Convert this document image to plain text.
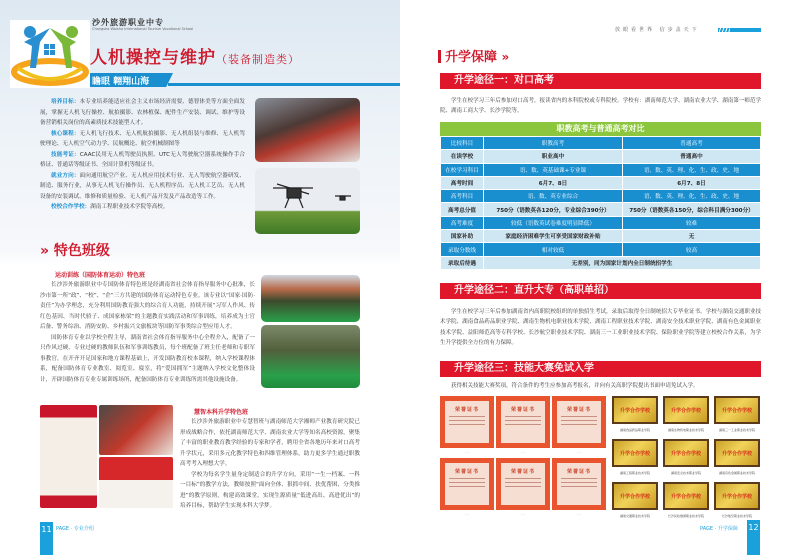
沙外旅游职业中专
Changsha Waisha International Tourism Vocational School
人机操控与维护（装备制造类）
瞻眼 翱翔山海

培养目标：本专业培养能适应社会主义市场经济需要、德智体美等方面全面发展，掌握无人机飞行操控、航拍摄影、农林植保、配件生产安装、调试、维护等设备营销相关岗位的高素质技术技能型人才。

核心课程：无人机飞行技术、无人机航拍摄影、无人机组装与维修、无人机驾驶理论、无人机空气动力学、民航概论、航空机械制图等

技能考证：CAAC民用无人机驾驶员执照、UTC无人驾驶航空器系统操作手合格证、普通话等级证书、全国计算机等级证书。

就业方向：面向通用航空产业、无人机应用技术行业、无人驾驶航空器研发、制造、服务行业，从事无人机飞行操作员、无人机程序员、无人机工艺员、无人机设备的安装调试、维修和质量检验、无人机产品开发及产品改造等工作。

校校合作学校：湖南工程职业技术学院等高校。

» 特色班级
运动训练（国防体育运动）特色班

长沙涉外旅游职业中专国防体育特色班是经湖南省社会体育指导服务中心批准，长沙市第一所“政”、“校”、“企”三方共建的国防体育运动特色专业。该专业以“国家·国防·责任”为办学理念，充分利用国防教育强大的综合育人功能，持续开展“习军人作风、传红色基因、当时代骄子、成国家栋梁”的主题教育实践活动和军事训练，培养成为士官后备、警务综治、消防安防、乡村振兴文旅板块等国防军事类综合型应用人才。

国防体育专业以学校全程主导，湖南省社会体育指导服务中心全程介入，配备了一只作风过硬、专业过硬的教师队伍和军事训练教员，每个班配备了班主任老师和专职军事教官，在开齐开足国家和地方课程基础上，开发国防教育校本课程，纳入学校课程体系，配备国防体育专业教室、阅览室、寝室，将“爱国拥军”主题纳入学校文化整体设计，开辟国防体育专业专属训练场所，配备国防体育专业训练所需其他设施设备。

慧智本科升学特色班

长沙涉外旅游职业中专慧智班与湖南师范大学湘师产业教育研究院已形成战略合作，依托湖南师范大学、湖南农业大学等知名高校资源，聚集了丰富的职业教育教学经验的专家和学者，聘用全省各地历年来对口高考升学状元，采用多元化教学特色和四维管理体系，助力更多学生通过职教高考考入理想大学。

学校为每名学生量身定制适合的升学方向，采用“一生一档案、一科一目标”的教学方法，教师按照“面向全体、狠抓中间、扶优帮困、分类推进”的教学原则，构建高效课堂，实现生源质量“低进高出、高进优出”的培养目标，帮助学生实现本科大学梦。

11 PAGE · 专业介绍
放眼看世界 信步盖天下
升学保障 »
升学途径一：对口高考
学生在校学习三年后参加对口高考，报读省内的本科院校或专科院校。学校有：湖南师范大学、湖南农业大学、湖南第一师范学院、湖南工商大学、长沙学院等。
职教高考与普通高考对比
比较科目	职教高考	普通高考
在读学校	职业高中	普通高中
在校学习科目	语、数、英基础课+专业课	语、数、英、理、化、生、政、史、地
高考时间	6月7、8日	6月7、8日
高考科目	语、数、英专业综合	语、数、英、理、化、生、政、史、地
高考总分值	750分（语数英各120分，专业综合390分）	750分（语数英各150分，综合科目满分300分）
高考难度	较低（语数英试卷难度明显降低）	较难
国家补助	家庭经济困难学生可享受国家财政补贴	无
录取分数线	相对较低	较高
录取后待遇	无差别，同为国家计划内全日制统招学生	
升学途径二：直升大专（高职单招）
学生在校学习三年后参加湖南省内高职院校组织的单独招生考试，录取后取得全日制统招大专毕业证书。学校与湖南交通职业技术学院、湖南食品药品职业学院、湖南生物机电职业技术学院、湖南工程职业技术学院、湖南安全技术职业学院、湖南有色金属职业技术学院、益阳师范高等专科学校、长沙航空职业技术学院、湖南三一工业职业技术学院、保险职业学院等建立校校合作关系，为学生升学提供全方位的有力保障。
升学途径三：技能大赛免试入学
获得相关技能大赛奖项，符合条件的考生应参加高考报名，并向有关高职学院提出书面申请免试入学。
荣誉证书
· · ·
荣誉证书
· · ·
荣誉证书
· · ·
荣誉证书
· · ·
荣誉证书
· · ·
荣誉证书
· · ·
升学合作学校
湖南食品药品职业学院
升学合作学校
湖南生物机电职业技术学院
升学合作学校
湖南三一工业职业技术学院
升学合作学校
湖南工程职业技术学院
升学合作学校
湖南安全技术职业学院
升学合作学校
湖南有色金属职业技术学院
升学合作学校
湖南交通职业技术学院
升学合作学校
长沙民政旅游职业技术学院
升学合作学校
长沙航空职业技术学院
PAGE · 升学保障 12
